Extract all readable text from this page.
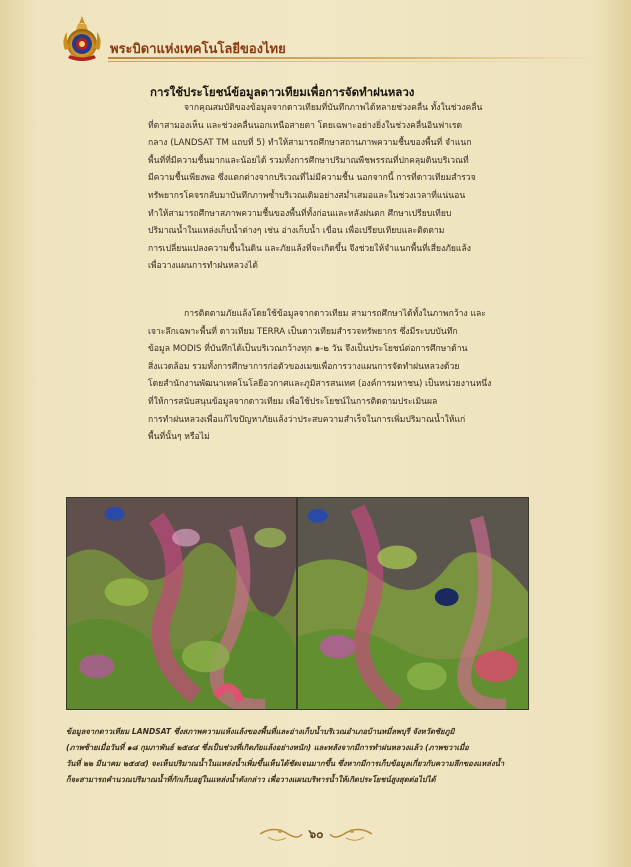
พระบิดาแห่งเทคโนโลยีของไทย
การใช้ประโยชน์ข้อมูลดาวเทียมเพื่อการจัดทำฝนหลวง
จากคุณสมบัติของข้อมูลจากดาวเทียมที่บันทึกภาพได้หลายช่วงคลื่น ทั้งในช่วงคลื่น
ที่ตาสามองเห็น และช่วงคลื่นนอกเหนือสายตา โดยเฉพาะอย่างยิ่งในช่วงคลื่นอินฟาเรด
กลาง (LANDSAT TM แถบที่ 5) ทำให้สามารถศึกษาสถานภาพความชื้นของพื้นที่ จำแนก
พื้นที่ที่มีความชื้นมากและน้อยได้ รวมทั้งการศึกษาปริมาณพืชพรรณที่ปกคลุมดินบริเวณที่
มีความชื้นเพียงพอ ซึ่งแตกต่างจากบริเวณที่ไม่มีความชื้น นอกจากนี้ การที่ดาวเทียมสำรวจ
ทรัพยากรโคจรกลับมาบันทึกภาพซ้ำบริเวณเดิมอย่างสม่ำเสมอและในช่วงเวลาที่แน่นอน
ทำให้สามารถศึกษาสภาพความชื้นของพื้นที่ทั้งก่อนและหลังฝนตก ศึกษาเปรียบเทียบ
ปริมาณน้ำในแหล่งเก็บน้ำต่างๆ เช่น อ่างเก็บน้ำ เขื่อน เพื่อเปรียบเทียบและติดตาม
การเปลี่ยนแปลงความชื้นในดิน และภัยแล้งที่จะเกิดขึ้น จึงช่วยให้จำแนกพื้นที่เสี่ยงภัยแล้ง
เพื่อวางแผนการทำฝนหลวงได้
การติดตามภัยแล้งโดยใช้ข้อมูลจากดาวเทียม สามารถศึกษาได้ทั้งในภาพกว้าง และ
เจาะลึกเฉพาะพื้นที่ ดาวเทียม TERRA เป็นดาวเทียมสำรวจทรัพยากร ซึ่งมีระบบบันทึก
ข้อมูล MODIS ที่บันทึกได้เป็นบริเวณกว้างทุก ๑-๒ วัน จึงเป็นประโยชน์ต่อการศึกษาด้าน
สิ่งแวดล้อม รวมทั้งการศึกษาการก่อตัวของเมฆเพื่อการวางแผนการจัดทำฝนหลวงด้วย
โดยสำนักงานพัฒนาเทคโนโลยีอวกาศและภูมิสารสนเทศ (องค์การมหาชน) เป็นหน่วยงานหนึ่ง
ที่ให้การสนับสนุนข้อมูลจากดาวเทียม เพื่อใช้ประโยชน์ในการติดตามประเมินผล
การทำฝนหลวงเพื่อแก้ไขปัญหาภัยแล้งว่าประสบความสำเร็จในการเพิ่มปริมาณน้ำให้แก่
พื้นที่นั้นๆ หรือไม่
ข้อมูลจากดาวเทียม LANDSAT ซึ่งสภาพความแห้งแล้งของพื้นที่และอ่างเก็บน้ำบริเวณอำเภอบ้านหมี่ลพบุรี จังหวัดชัยภูมิ
(ภาพซ้ายเมื่อวันที่ ๑๘ กุมภาพันธ์ ๒๕๔๔ ซึ่งเป็นช่วงที่เกิดภัยแล้งอย่างหนัก) และหลังจากมีการทำฝนหลวงแล้ว (ภาพขวาเมื่อ
วันที่ ๒๒ มีนาคม ๒๕๔๔) จะเห็นปริมาณน้ำในแหล่งน้ำเพิ่มขึ้นเห็นได้ชัดเจนมากขึ้น ซึ่งหากมีการเก็บข้อมูลเกี่ยวกับความลึกของแหล่งน้ำ
ก็จะสามารถคำนวณปริมาณน้ำที่กักเก็บอยู่ในแหล่งน้ำดังกล่าว เพื่อวางแผนบริหารน้ำให้เกิดประโยชน์สูงสุดต่อไปได้
๖๐
